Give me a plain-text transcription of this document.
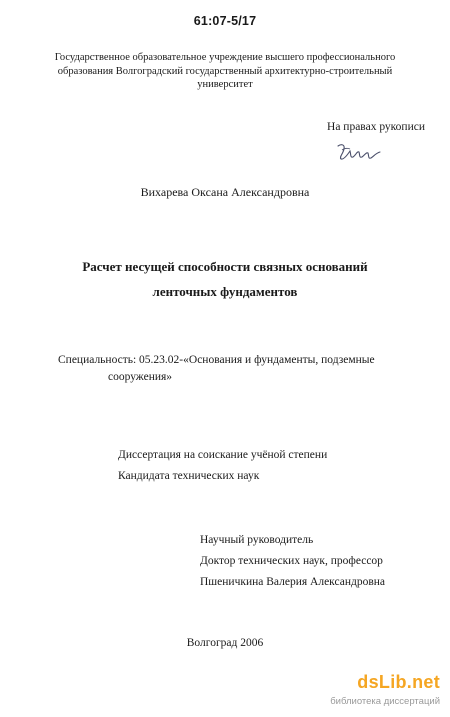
61:07-5/17
Государственное образовательное учреждение высшего профессионального
образования Волгоградский государственный архитектурно-строительный
университет
На правах рукописи
Вихарева Оксана Александровна
Расчет несущей способности связных оснований
ленточных фундаментов
Специальность: 05.23.02-«Основания и фундаменты, подземные
сооружения»
Диссертация на соискание учёной степени
Кандидата технических наук
Научный руководитель
Доктор технических наук, профессор
Пшеничкина Валерия Александровна
Волгоград 2006
dsLib.net
библиотека диссертаций
